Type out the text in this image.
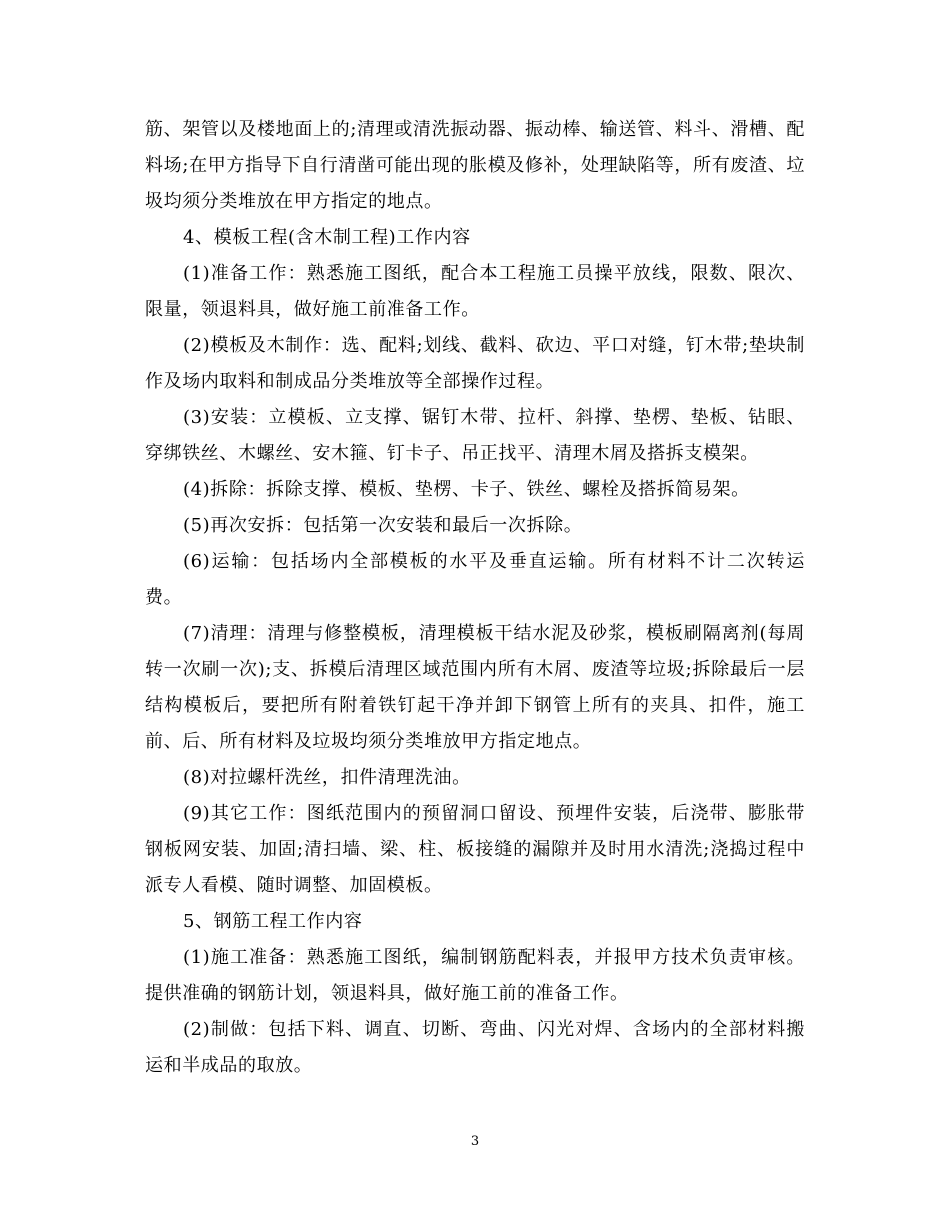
筋、架管以及楼地面上的;清理或清洗振动器、振动棒、输送管、料斗、滑槽、配料场;在甲方指导下自行清凿可能出现的胀模及修补，处理缺陷等，所有废渣、垃圾均须分类堆放在甲方指定的地点。

4、模板工程(含木制工程)工作内容

(1)准备工作：熟悉施工图纸，配合本工程施工员操平放线，限数、限次、限量，领退料具，做好施工前准备工作。

(2)模板及木制作：选、配料;划线、截料、砍边、平口对缝，钉木带;垫块制作及场内取料和制成品分类堆放等全部操作过程。

(3)安装：立模板、立支撑、锯钉木带、拉杆、斜撑、垫楞、垫板、钻眼、穿绑铁丝、木螺丝、安木箍、钉卡子、吊正找平、清理木屑及搭拆支模架。

(4)拆除：拆除支撑、模板、垫楞、卡子、铁丝、螺栓及搭拆简易架。

(5)再次安拆：包括第一次安装和最后一次拆除。

(6)运输：包括场内全部模板的水平及垂直运输。所有材料不计二次转运费。

(7)清理：清理与修整模板，清理模板干结水泥及砂浆，模板刷隔离剂(每周转一次刷一次);支、拆模后清理区域范围内所有木屑、废渣等垃圾;拆除最后一层结构模板后，要把所有附着铁钉起干净并卸下钢管上所有的夹具、扣件，施工前、后、所有材料及垃圾均须分类堆放甲方指定地点。

(8)对拉螺杆洗丝，扣件清理洗油。

(9)其它工作：图纸范围内的预留洞口留设、预埋件安装，后浇带、膨胀带钢板网安装、加固;清扫墙、梁、柱、板接缝的漏隙并及时用水清洗;浇捣过程中派专人看模、随时调整、加固模板。

5、钢筋工程工作内容

(1)施工准备：熟悉施工图纸，编制钢筋配料表，并报甲方技术负责审核。提供准确的钢筋计划，领退料具，做好施工前的准备工作。

(2)制做：包括下料、调直、切断、弯曲、闪光对焊、含场内的全部材料搬运和半成品的取放。

3
